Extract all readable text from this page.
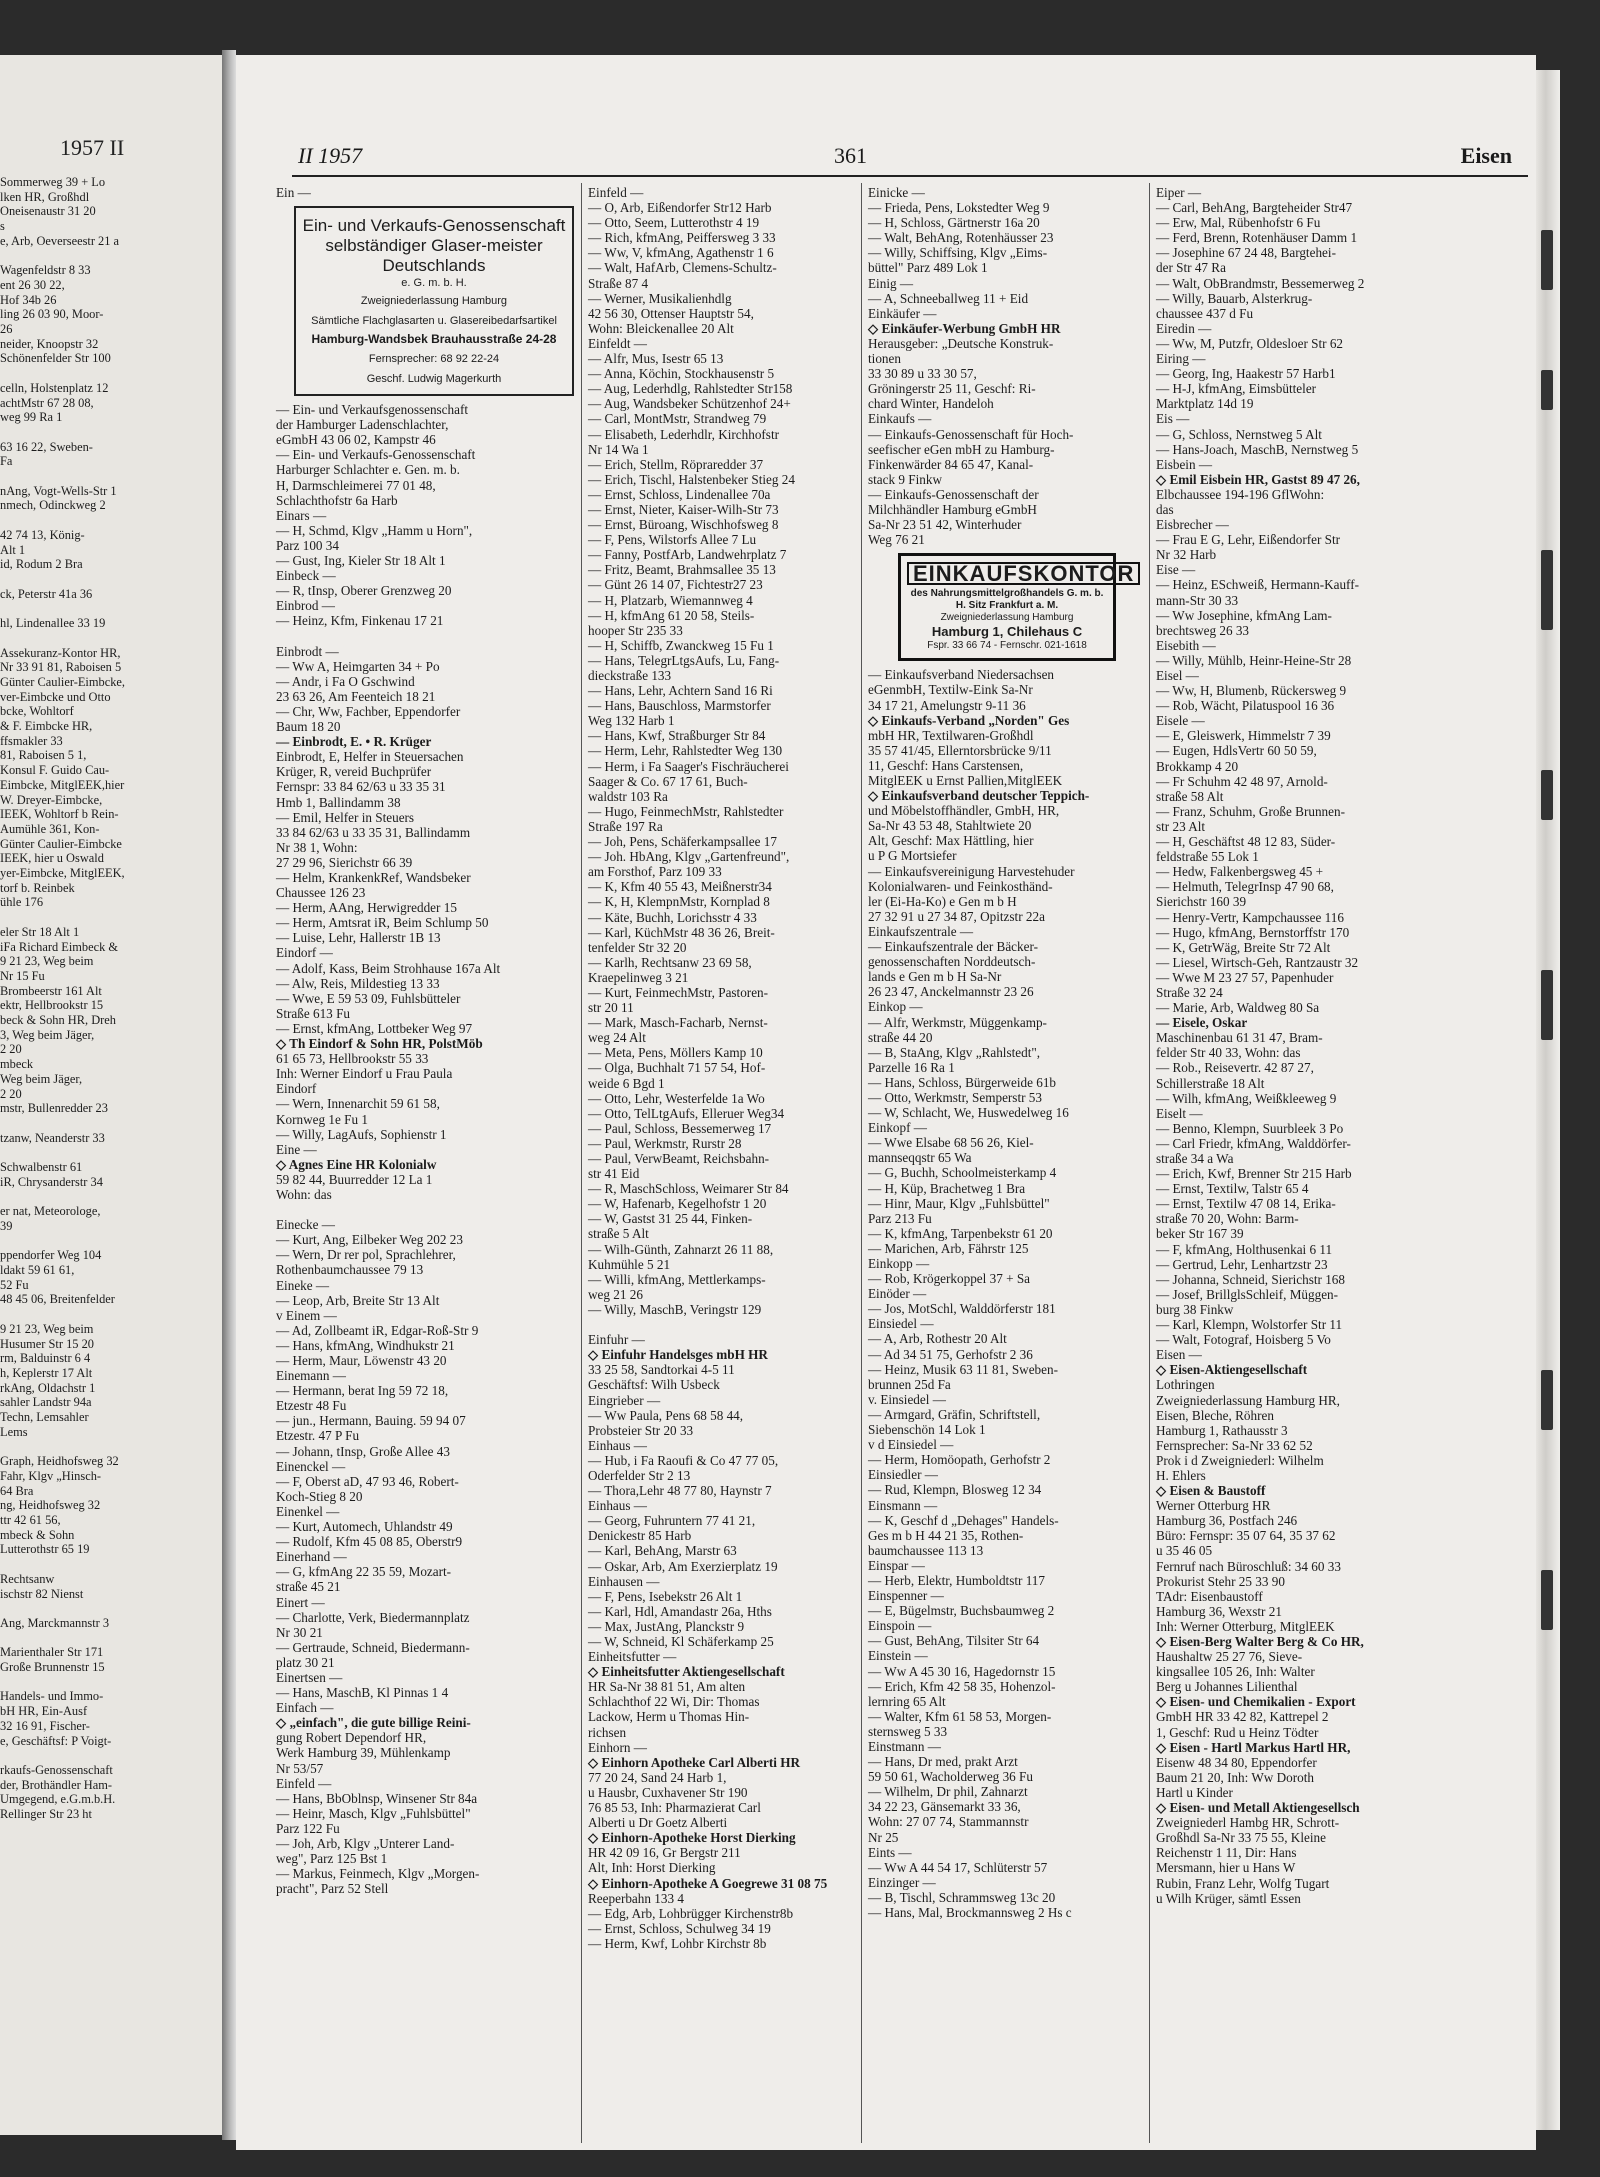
1957 II
Sommerweg 39 + Lo
lken HR, Großhdl
Oneisenaustr 31 20
s
e, Arb, Oeverseestr 21 a

Wagenfeldstr 8 33
ent 26 30 22,
Hof 34b 26
ling 26 03 90, Moor-
26
neider, Knoopstr 32
Schönenfelder Str 100

celln, Holstenplatz 12
achtMstr 67 28 08,
weg 99 Ra 1

63 16 22, Sweben-
Fa

nAng, Vogt-Wells-Str 1
nmech, Odinckweg 2

42 74 13, König-
Alt 1
id, Rodum 2 Bra

ck, Peterstr 41a 36

hl, Lindenallee 33 19

Assekuranz-Kontor HR,
Nr 33 91 81, Raboisen 5
Günter Caulier-Eimbcke,
ver-Eimbcke und Otto
bcke, Wohltorf
& F. Eimbcke HR,
ffsmakler 33
81, Raboisen 5 1,
Konsul F. Guido Cau-
Eimbcke, MitglEEK,hier
W. Dreyer-Eimbcke,
IEEK, Wohltorf b Rein-
Aumühle 361, Kon-
Günter Caulier-Eimbcke
IEEK, hier u Oswald
yer-Eimbcke, MitglEEK,
torf b. Reinbek
ühle 176

eler Str 18 Alt 1
iFa Richard Eimbeck &
9 21 23, Weg beim
Nr 15 Fu
Brombeerstr 161 Alt
ektr, Hellbrookstr 15
beck & Sohn HR, Dreh
3, Weg beim Jäger,
2 20
mbeck
Weg beim Jäger,
2 20
mstr, Bullenredder 23

tzanw, Neanderstr 33

Schwalbenstr 61
iR, Chrysanderstr 34

er nat, Meteorologe,
39

ppendorfer Weg 104
ldakt 59 61 61,
52 Fu
48 45 06, Breitenfelder

9 21 23, Weg beim
Husumer Str 15 20
rm, Balduinstr 6 4
h, Keplerstr 17 Alt
rkAng, Oldachstr 1
sahler Landstr 94a
Techn, Lemsahler
Lems

Graph, Heidhofsweg 32
Fahr, Klgv „Hinsch-
64 Bra
ng, Heidhofsweg 32
ttr 42 61 56,
mbeck & Sohn
Lutterothstr 65 19

Rechtsanw
ischstr 82 Nienst

Ang, Marckmannstr 3

Marienthaler Str 171
Große Brunnenstr 15

Handels- und Immo-
bH HR, Ein-Ausf
32 16 91, Fischer-
e, Geschäftsf: P Voigt-

rkaufs-Genossenschaft
der, Brothändler Ham-
Umgegend, e.G.m.b.H.
Rellinger Str 23 ht
II 1957	361	Eisen
Ein —
Ein- und Verkaufs-Genossenschaft selbständiger Glaser-meister Deutschlands
e. G. m. b. H.
Zweigniederlassung Hamburg
Sämtliche Flachglasarten u. Glasereibedarfsartikel
Hamburg-Wandsbek Brauhausstraße 24-28
Fernsprecher: 68 92 22-24
Geschf. Ludwig Magerkurth
— Ein- und Verkaufsgenossenschaft
der Hamburger Ladenschlachter,
eGmbH 43 06 02, Kampstr 46
— Ein- und Verkaufs-Genossenschaft
Harburger Schlachter e. Gen. m. b.
H, Darmschleimerei 77 01 48,
Schlachthofstr 6a Harb
Einars —
— H, Schmd, Klgv „Hamm u Horn",
Parz 100 34
— Gust, Ing, Kieler Str 18 Alt 1
Einbeck —
— R, tInsp, Oberer Grenzweg 20
Einbrod —
— Heinz, Kfm, Finkenau 17 21

Einbrodt —
— Ww A, Heimgarten 34 + Po
— Andr, i Fa O Gschwind
23 63 26, Am Feenteich 18 21
— Chr, Ww, Fachber, Eppendorfer
Baum 18 20
— Einbrodt, E. • R. Krüger
Einbrodt, E, Helfer in Steuersachen
Krüger, R, vereid Buchprüfer
Fernspr: 33 84 62/63 u 33 35 31
Hmb 1, Ballindamm 38
— Emil, Helfer in Steuers
33 84 62/63 u 33 35 31, Ballindamm
Nr 38 1, Wohn:
27 29 96, Sierichstr 66 39
— Helm, KrankenkRef, Wandsbeker
Chaussee 126 23
— Herm, AAng, Herwigredder 15
— Herm, Amtsrat iR, Beim Schlump 50
— Luise, Lehr, Hallerstr 1B 13
Eindorf —
— Adolf, Kass, Beim Strohhause 167a Alt
— Alw, Reis, Mildestieg 13 33
— Wwe, E 59 53 09, Fuhlsbütteler
Straße 613 Fu
— Ernst, kfmAng, Lottbeker Weg 97
◇ Th Eindorf & Sohn HR, PolstMöb
61 65 73, Hellbrookstr 55 33
Inh: Werner Eindorf u Frau Paula
Eindorf
— Wern, Innenarchit 59 61 58,
Kornweg 1e Fu 1
— Willy, LagAufs, Sophienstr 1
Eine —
◇ Agnes Eine HR Kolonialw
59 82 44, Buurredder 12 La 1
Wohn: das

Einecke —
— Kurt, Ang, Eilbeker Weg 202 23
— Wern, Dr rer pol, Sprachlehrer,
Rothenbaumchaussee 79 13
Eineke —
— Leop, Arb, Breite Str 13 Alt
v Einem —
— Ad, Zollbeamt iR, Edgar-Roß-Str 9
— Hans, kfmAng, Windhukstr 21
— Herm, Maur, Löwenstr 43 20
Einemann —
— Hermann, berat Ing 59 72 18,
Etzestr 48 Fu
— jun., Hermann, Bauing. 59 94 07
Etzestr. 47 P Fu
— Johann, tInsp, Große Allee 43
Einenckel —
— F, Oberst aD, 47 93 46, Robert-
Koch-Stieg 8 20
Einenkel —
— Kurt, Automech, Uhlandstr 49
— Rudolf, Kfm 45 08 85, Oberstr9
Einerhand —
— G, kfmAng 22 35 59, Mozart-
straße 45 21
Einert —
— Charlotte, Verk, Biedermannplatz
Nr 30 21
— Gertraude, Schneid, Biedermann-
platz 30 21
Einertsen —
— Hans, MaschB, Kl Pinnas 1 4
Einfach —
◇ „einfach", die gute billige Reini-
gung Robert Dependorf HR,
Werk Hamburg 39, Mühlenkamp
Nr 53/57
Einfeld —
— Hans, BbOblnsp, Winsener Str 84a
— Heinr, Masch, Klgv „Fuhlsbüttel"
Parz 122 Fu
— Joh, Arb, Klgv „Unterer Land-
weg", Parz 125 Bst 1
— Markus, Feinmech, Klgv „Morgen-
pracht", Parz 52 Stell
Einfeld —
— O, Arb, Eißendorfer Str12 Harb
— Otto, Seem, Lutterothstr 4 19
— Rich, kfmAng, Peiffersweg 3 33
— Ww, V, kfmAng, Agathenstr 1 6
— Walt, HafArb, Clemens-Schultz-
Straße 87 4
— Werner, Musikalienhdlg
42 56 30, Ottenser Hauptstr 54,
Wohn: Bleickenallee 20 Alt
Einfeldt —
— Alfr, Mus, Isestr 65 13
— Anna, Köchin, Stockhausenstr 5
— Aug, Lederhdlg, Rahlstedter Str158
— Aug, Wandsbeker Schützenhof 24+
— Carl, MontMstr, Strandweg 79
— Elisabeth, Lederhdlr, Kirchhofstr
Nr 14 Wa 1
— Erich, Stellm, Röpraredder 37
— Erich, Tischl, Halstenbeker Stieg 24
— Ernst, Schloss, Lindenallee 70a
— Ernst, Nieter, Kaiser-Wilh-Str 73
— Ernst, Büroang, Wischhofsweg 8
— F, Pens, Wilstorfs Allee 7 Lu
— Fanny, PostfArb, Landwehrplatz 7
— Fritz, Beamt, Brahmsallee 35 13
— Günt 26 14 07, Fichtestr27 23
— H, Platzarb, Wiemannweg 4
— H, kfmAng 61 20 58, Steils-
hooper Str 235 33
— H, Schiffb, Zwanckweg 15 Fu 1
— Hans, TelegrLtgsAufs, Lu, Fang-
dieckstraße 133
— Hans, Lehr, Achtern Sand 16 Ri
— Hans, Bauschloss, Marmstorfer
Weg 132 Harb 1
— Hans, Kwf, Straßburger Str 84
— Herm, Lehr, Rahlstedter Weg 130
— Herm, i Fa Saager's Fischräucherei
Saager & Co. 67 17 61, Buch-
waldstr 103 Ra
— Hugo, FeinmechMstr, Rahlstedter
Straße 197 Ra
— Joh, Pens, Schäferkampsallee 17
— Joh. HbAng, Klgv „Gartenfreund",
am Forsthof, Parz 109 33
— K, Kfm 40 55 43, Meißnerstr34
— K, H, KlempnMstr, Kornplad 8
— Käte, Buchh, Lorichsstr 4 33
— Karl, KüchMstr 48 36 26, Breit-
tenfelder Str 32 20
— Karlh, Rechtsanw 23 69 58,
Kraepelinweg 3 21
— Kurt, FeinmechMstr, Pastoren-
str 20 11
— Mark, Masch-Facharb, Nernst-
weg 24 Alt
— Meta, Pens, Möllers Kamp 10
— Olga, Buchhalt 71 57 54, Hof-
weide 6 Bgd 1
— Otto, Lehr, Westerfelde 1a Wo
— Otto, TelLtgAufs, Elleruer Weg34
— Paul, Schloss, Bessemerweg 17
— Paul, Werkmstr, Rurstr 28
— Paul, VerwBeamt, Reichsbahn-
str 41 Eid
— R, MaschSchloss, Weimarer Str 84
— W, Hafenarb, Kegelhofstr 1 20
— W, Gastst 31 25 44, Finken-
straße 5 Alt
— Wilh-Günth, Zahnarzt 26 11 88,
Kuhmühle 5 21
— Willi, kfmAng, Mettlerkamps-
weg 21 26
— Willy, MaschB, Veringstr 129

Einfuhr —
◇ Einfuhr Handelsges mbH HR
33 25 58, Sandtorkai 4-5 11
Geschäftsf: Wilh Usbeck
Eingrieber —
— Ww Paula, Pens 68 58 44,
Probsteier Str 20 33
Einhaus —
— Hub, i Fa Raoufi & Co 47 77 05,
Oderfelder Str 2 13
— Thora,Lehr 48 77 80, Haynstr 7
Einhaus —
— Georg, Fuhruntern 77 41 21,
Denickestr 85 Harb
— Karl, BehAng, Marstr 63
— Oskar, Arb, Am Exerzierplatz 19
Einhausen —
— F, Pens, Isebekstr 26 Alt 1
— Karl, Hdl, Amandastr 26a, Hths
— Max, JustAng, Planckstr 9
— W, Schneid, Kl Schäferkamp 25
Einheitsfutter —
◇ Einheitsfutter Aktiengesellschaft
HR Sa-Nr 38 81 51, Am alten
Schlachthof 22 Wi, Dir: Thomas
Lackow, Herm u Thomas Hin-
richsen
Einhorn —
◇ Einhorn Apotheke Carl Alberti HR
77 20 24, Sand 24 Harb 1,
u Hausbr, Cuxhavener Str 190
76 85 53, Inh: Pharmazierat Carl
Alberti u Dr Goetz Alberti
◇ Einhorn-Apotheke Horst Dierking
HR 42 09 16, Gr Bergstr 211
Alt, Inh: Horst Dierking
◇ Einhorn-Apotheke A Goegrewe 31 08 75
Reeperbahn 133 4
— Edg, Arb, Lohbrügger Kirchenstr8b
— Ernst, Schloss, Schulweg 34 19
— Herm, Kwf, Lohbr Kirchstr 8b
Einicke —
— Frieda, Pens, Lokstedter Weg 9
— H, Schloss, Gärtnerstr 16a 20
— Walt, BehAng, Rotenhäusser 23
— Willy, Schiffsing, Klgv „Eims-
büttel" Parz 489 Lok 1
Einig —
— A, Schneeballweg 11 + Eid
Einkäufer —
◇ Einkäufer-Werbung GmbH HR
Herausgeber: „Deutsche Konstruk-
tionen
33 30 89 u 33 30 57,
Gröningerstr 25 11, Geschf: Ri-
chard Winter, Handeloh
Einkaufs —
— Einkaufs-Genossenschaft für Hoch-
seefischer eGen mbH zu Hamburg-
Finkenwärder 84 65 47, Kanal-
stack 9 Finkw
— Einkaufs-Genossenschaft der
Milchhändler Hamburg eGmbH
Sa-Nr 23 51 42, Winterhuder
Weg 76 21
EINKAUFSKONTOR
des Nahrungsmittelgroßhandels G. m. b. H. Sitz Frankfurt a. M.
Zweigniederlassung Hamburg
Hamburg 1, Chilehaus C
Fspr. 33 66 74 - Fernschr. 021-1618
— Einkaufsverband Niedersachsen
eGenmbH, Textilw-Eink Sa-Nr
34 17 21, Amelungstr 9-11 36
◇ Einkaufs-Verband „Norden" Ges
mbH HR, Textilwaren-Großhdl
35 57 41/45, Ellerntorsbrücke 9/11
11, Geschf: Hans Carstensen,
MitglEEK u Ernst Pallien,MitglEEK
◇ Einkaufsverband deutscher Teppich-
und Möbelstoffhändler, GmbH, HR,
Sa-Nr 43 53 48, Stahltwiete 20
Alt, Geschf: Max Hättling, hier
u P G Mortsiefer
— Einkaufsvereinigung Harvestehuder
Kolonialwaren- und Feinkosthänd-
ler (Ei-Ha-Ko) e Gen m b H
27 32 91 u 27 34 87, Opitzstr 22a
Einkaufszentrale —
— Einkaufszentrale der Bäcker-
genossenschaften Norddeutsch-
lands e Gen m b H Sa-Nr
26 23 47, Anckelmannstr 23 26
Einkop —
— Alfr, Werkmstr, Müggenkamp-
straße 44 20
— B, StaAng, Klgv „Rahlstedt",
Parzelle 16 Ra 1
— Hans, Schloss, Bürgerweide 61b
— Otto, Werkmstr, Semperstr 53
— W, Schlacht, We, Huswedelweg 16
Einkopf —
— Wwe Elsabe 68 56 26, Kiel-
mannseqqstr 65 Wa
— G, Buchh, Schoolmeisterkamp 4
— H, Küp, Brachetweg 1 Bra
— Hinr, Maur, Klgv „Fuhlsbüttel"
Parz 213 Fu
— K, kfmAng, Tarpenbekstr 61 20
— Marichen, Arb, Fährstr 125
Einkopp —
— Rob, Krögerkoppel 37 + Sa
Einöder —
— Jos, MotSchl, Walddörferstr 181
Einsiedel —
— A, Arb, Rothestr 20 Alt
— Ad 34 51 75, Gerhofstr 2 36
— Heinz, Musik 63 11 81, Sweben-
brunnen 25d Fa
v. Einsiedel —
— Armgard, Gräfin, Schriftstell,
Siebenschön 14 Lok 1
v d Einsiedel —
— Herm, Homöopath, Gerhofstr 2
Einsiedler —
— Rud, Klempn, Blosweg 12 34
Einsmann —
— K, Geschf d „Dehages" Handels-
Ges m b H 44 21 35, Rothen-
baumchaussee 113 13
Einspar —
— Herb, Elektr, Humboldtstr 117
Einspenner —
— E, Bügelmstr, Buchsbaumweg 2
Einspoin —
— Gust, BehAng, Tilsiter Str 64
Einstein —
— Ww A 45 30 16, Hagedornstr 15
— Erich, Kfm 42 58 35, Hohenzol-
lernring 65 Alt
— Walter, Kfm 61 58 53, Morgen-
sternsweg 5 33
Einstmann —
— Hans, Dr med, prakt Arzt
59 50 61, Wacholderweg 36 Fu
— Wilhelm, Dr phil, Zahnarzt
34 22 23, Gänsemarkt 33 36,
Wohn: 27 07 74, Stammannstr
Nr 25
Eints —
— Ww A 44 54 17, Schlüterstr 57
Einzinger —
— B, Tischl, Schrammsweg 13c 20
— Hans, Mal, Brockmannsweg 2 Hs c
Eiper —
— Carl, BehAng, Bargteheider Str47
— Erw, Mal, Rübenhofstr 6 Fu
— Ferd, Brenn, Rotenhäuser Damm 1
— Josephine 67 24 48, Bargtehei-
der Str 47 Ra
— Walt, ObBrandmstr, Bessemerweg 2
— Willy, Bauarb, Alsterkrug-
chaussee 437 d Fu
Eiredin —
— Ww, M, Putzfr, Oldesloer Str 62
Eiring —
— Georg, Ing, Haakestr 57 Harb1
— H-J, kfmAng, Eimsbütteler
Marktplatz 14d 19
Eis —
— G, Schloss, Nernstweg 5 Alt
— Hans-Joach, MaschB, Nernstweg 5
Eisbein —
◇ Emil Eisbein HR, Gastst 89 47 26,
Elbchaussee 194-196 GflWohn:
das
Eisbrecher —
— Frau E G, Lehr, Eißendorfer Str
Nr 32 Harb
Eise —
— Heinz, ESchweiß, Hermann-Kauff-
mann-Str 30 33
— Ww Josephine, kfmAng Lam-
brechtsweg 26 33
Eisebith —
— Willy, Mühlb, Heinr-Heine-Str 28
Eisel —
— Ww, H, Blumenb, Rückersweg 9
— Rob, Wächt, Pilatuspool 16 36
Eisele —
— E, Gleiswerk, Himmelstr 7 39
— Eugen, HdlsVertr 60 50 59,
Brokkamp 4 20
— Fr Schuhm 42 48 97, Arnold-
straße 58 Alt
— Franz, Schuhm, Große Brunnen-
str 23 Alt
— H, Geschäftst 48 12 83, Süder-
feldstraße 55 Lok 1
— Hedw, Falkenbergsweg 45 +
— Helmuth, TelegrInsp 47 90 68,
Sierichstr 160 39
— Henry-Vertr, Kampchaussee 116
— Hugo, kfmAng, Bernstorffstr 170
— K, GetrWäg, Breite Str 72 Alt
— Liesel, Wirtsch-Geh, Rantzaustr 32
— Wwe M 23 27 57, Papenhuder
Straße 32 24
— Marie, Arb, Waldweg 80 Sa
— Eisele, Oskar
Maschinenbau 61 31 47, Bram-
felder Str 40 33, Wohn: das
— Rob., Reisevertr. 42 87 27,
Schillerstraße 18 Alt
— Wilh, kfmAng, Weißkleeweg 9
Eiselt —
— Benno, Klempn, Suurbleek 3 Po
— Carl Friedr, kfmAng, Walddörfer-
straße 34 a Wa
— Erich, Kwf, Brenner Str 215 Harb
— Ernst, Textilw, Talstr 65 4
— Ernst, Textilw 47 08 14, Erika-
straße 70 20, Wohn: Barm-
beker Str 167 39
— F, kfmAng, Holthusenkai 6 11
— Gertrud, Lehr, Lenhartzstr 23
— Johanna, Schneid, Sierichstr 168
— Josef, BrillglsSchleif, Müggen-
burg 38 Finkw
— Karl, Klempn, Wolstorfer Str 11
— Walt, Fotograf, Hoisberg 5 Vo
Eisen —
◇ Eisen-Aktiengesellschaft
Lothringen
Zweigniederlassung Hamburg HR,
Eisen, Bleche, Röhren
Hamburg 1, Rathausstr 3
Fernsprecher: Sa-Nr 33 62 52
Prok i d Zweigniederl: Wilhelm
H. Ehlers
◇ Eisen & Baustoff
Werner Otterburg HR
Hamburg 36, Postfach 246
Büro: Fernspr: 35 07 64, 35 37 62
u 35 46 05
Fernruf nach Büroschluß: 34 60 33
Prokurist Stehr 25 33 90
TAdr: Eisenbaustoff
Hamburg 36, Wexstr 21
Inh: Werner Otterburg, MitglEEK
◇ Eisen-Berg Walter Berg & Co HR,
Haushaltw 25 27 76, Sieve-
kingsallee 105 26, Inh: Walter
Berg u Johannes Lilienthal
◇ Eisen- und Chemikalien - Export
GmbH HR 33 42 82, Kattrepel 2
1, Geschf: Rud u Heinz Tödter
◇ Eisen - Hartl Markus Hartl HR,
Eisenw 48 34 80, Eppendorfer
Baum 21 20, Inh: Ww Doroth
Hartl u Kinder
◇ Eisen- und Metall Aktiengesellsch
Zweigniederl Hambg HR, Schrott-
Großhdl Sa-Nr 33 75 55, Kleine
Reichenstr 1 11, Dir: Hans
Mersmann, hier u Hans W
Rubin, Franz Lehr, Wolfg Tugart
u Wilh Krüger, sämtl Essen
